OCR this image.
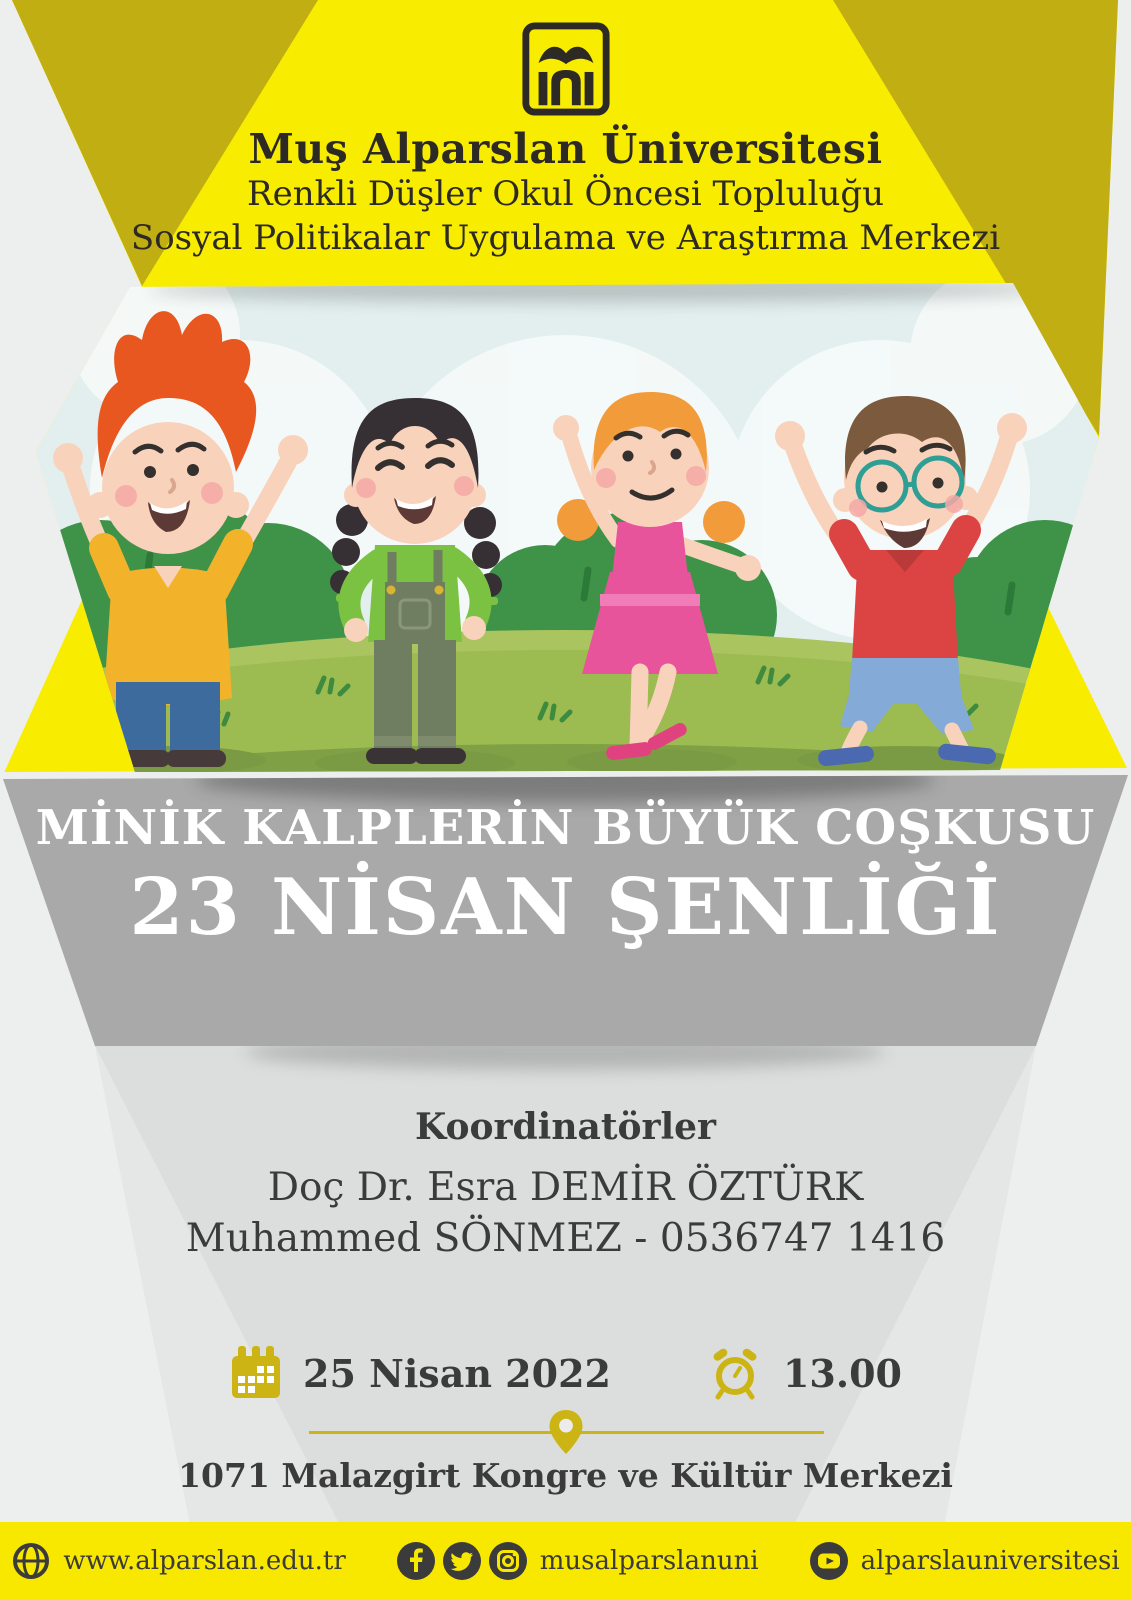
Muş Alparslan Üniversitesi
Renkli Düşler Okul Öncesi Topluluğu
Sosyal Politikalar Uygulama ve Araştırma Merkezi
MİNİK KALPLERİN BÜYÜK COŞKUSU
23 NİSAN ŞENLİĞİ
Koordinatörler
Doç Dr. Esra DEMİR ÖZTÜRK
Muhammed SÖNMEZ - 0536747 1416
25 Nisan 2022	13.00
1071 Malazgirt Kongre ve Kültür Merkezi
www.alparslan.edu.tr	musalparslanuni	alparslauniversitesi
